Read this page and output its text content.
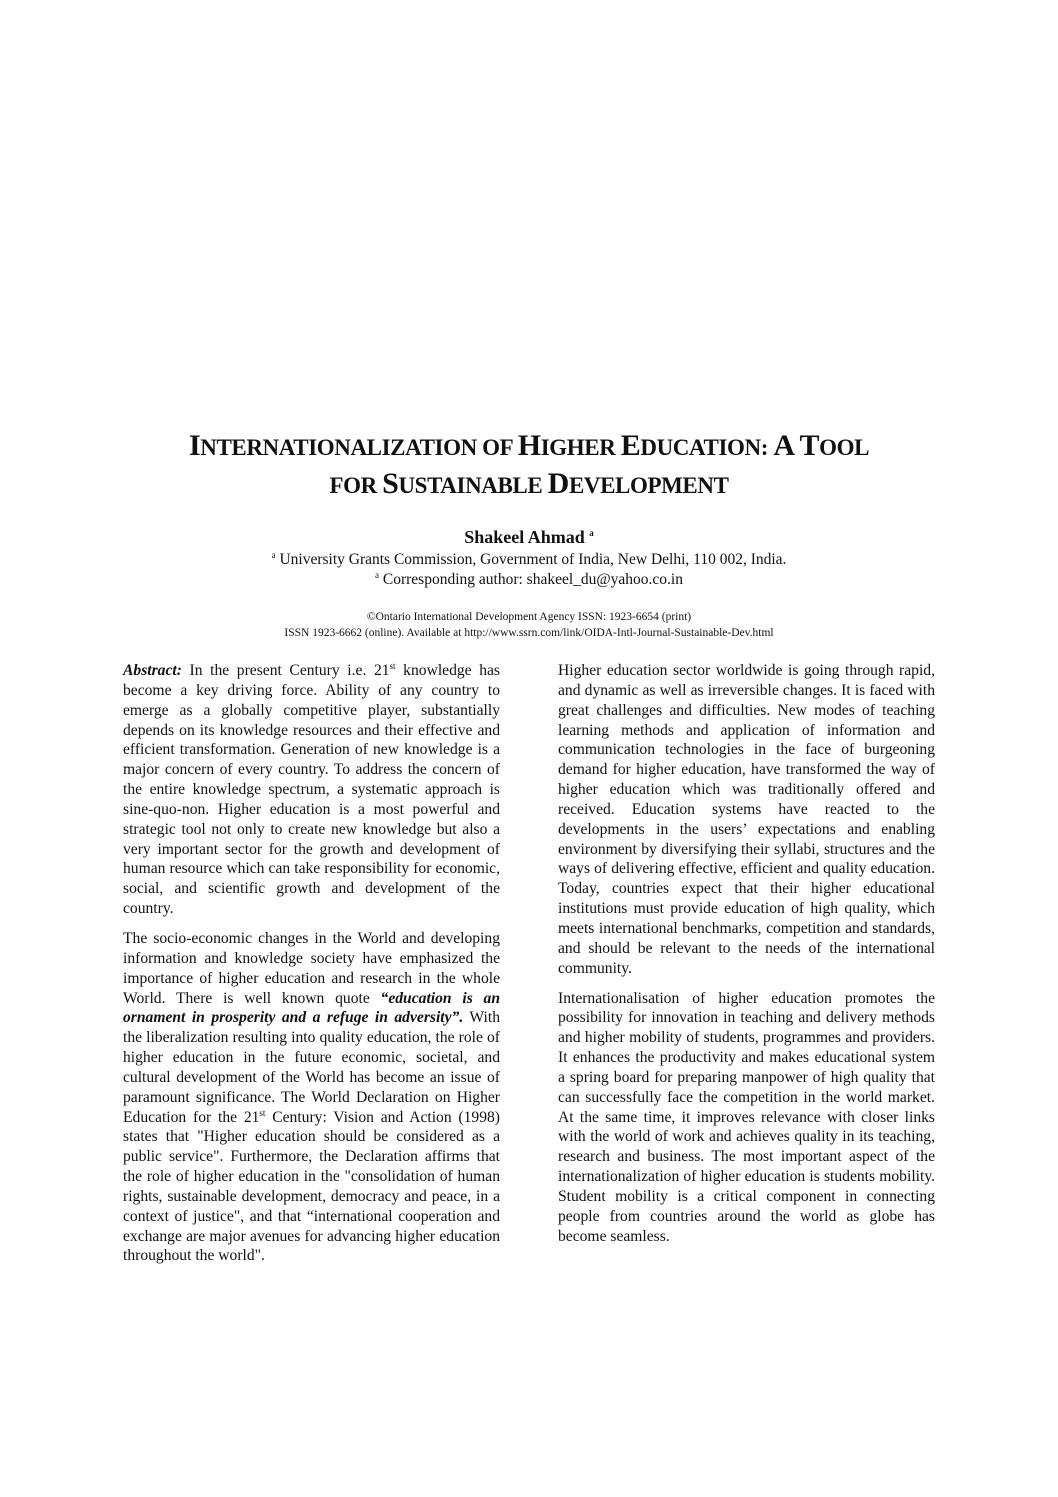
INTERNATIONALIZATION OF HIGHER EDUCATION: A TOOL
FOR SUSTAINABLE DEVELOPMENT
Shakeel Ahmad $^a$
$^a$ University Grants Commission, Government of India, New Delhi, 110 002, India.
$^a$ Corresponding author: shakeel_du@yahoo.co.in
©Ontario International Development Agency ISSN: 1923-6654 (print)
ISSN 1923-6662 (online). Available at http://www.ssrn.com/link/OIDA-Intl-Journal-Sustainable-Dev.html

Abstract: In the present Century i.e. 21st knowledge has become a key driving force. Ability of any country to emerge as a globally competitive player, substantially depends on its knowledge resources and their effective and efficient transformation. Generation of new knowledge is a major concern of every country. To address the concern of the entire knowledge spectrum, a systematic approach is sine-quo-non. Higher education is a most powerful and strategic tool not only to create new knowledge but also a very important sector for the growth and development of human resource which can take responsibility for economic, social, and scientific growth and development of the country.

The socio-economic changes in the World and developing information and knowledge society have emphasized the importance of higher education and research in the whole World. There is well known quote “education is an ornament in prosperity and a refuge in adversity”. With the liberalization resulting into quality education, the role of higher education in the future economic, societal, and cultural development of the World has become an issue of paramount significance. The World Declaration on Higher Education for the 21st Century: Vision and Action (1998) states that "Higher education should be considered as a public service". Furthermore, the Declaration affirms that the role of higher education in the "consolidation of human rights, sustainable development, democracy and peace, in a context of justice", and that “international cooperation and exchange are major avenues for advancing higher education throughout the world".

Higher education sector worldwide is going through rapid, and dynamic as well as irreversible changes. It is faced with great challenges and difficulties. New modes of teaching learning methods and application of information and communication technologies in the face of burgeoning demand for higher education, have transformed the way of higher education which was traditionally offered and received. Education systems have reacted to the developments in the users’ expectations and enabling environment by diversifying their syllabi, structures and the ways of delivering effective, efficient and quality education. Today, countries expect that their higher educational institutions must provide education of high quality, which meets international benchmarks, competition and standards, and should be relevant to the needs of the international community.

Internationalisation of higher education promotes the possibility for innovation in teaching and delivery methods and higher mobility of students, programmes and providers. It enhances the productivity and makes educational system a spring board for preparing manpower of high quality that can successfully face the competition in the world market. At the same time, it improves relevance with closer links with the world of work and achieves quality in its teaching, research and business. The most important aspect of the internationalization of higher education is students mobility. Student mobility is a critical component in connecting people from countries around the world as globe has become seamless.
